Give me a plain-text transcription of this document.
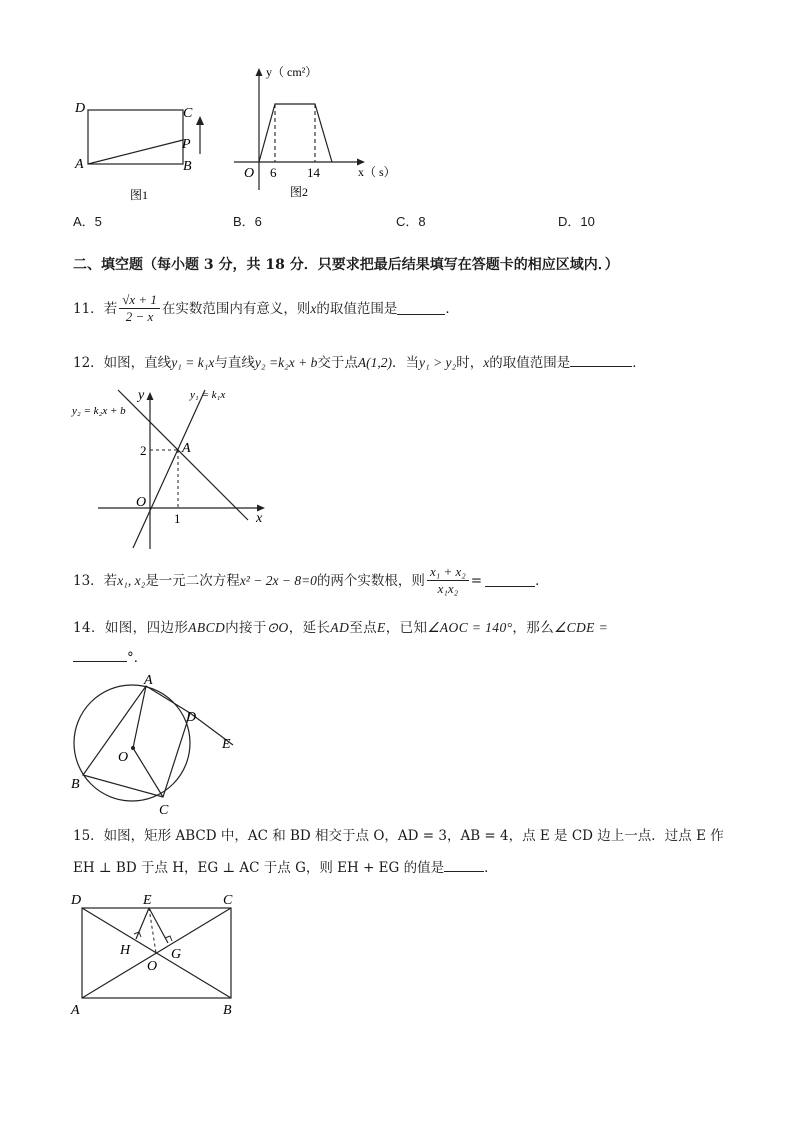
D	C
A	B
P
图1
y（ cm²）
x（ s）
O 6 14
图2
A．5	B．6	C．8	D．10
二、填空题（每小题 3 分，共 18 分．只要求把最后结果填写在答题卡的相应区域内．）
11． 若 $\frac{√x + 1}{2 - x}$ 在实数范围内有意义，则 x 的取值范围是	．
12．如图，直线y₁ = k₁x与直线y₂ =k₂x + b交于点A(1,2)．当y₁ > y₂时，x的取值范围是	．
y₂ = k₂x + b
y₁ = k₁x
y
x
O
A
2
1
13．若 x₁, x₂ 是一元二次方程 x² − 2x − 8=0 的两个实数根，则 $\frac{\text{x₁ + x₂}}{\text{x₁x₂}}$ =	．
14．如图，四边形ABCD内接于⊙O，延长AD至点E，已知∠AOC = 140°，那么∠CDE =
°．
A
D
E
O
B
C
15．如图，矩形 ABCD 中，AC 和 BD 相交于点 O，AD = 3，AB = 4，点 E 是 CD 边上一点．过点 E 作
EH ⊥ BD 于点 H，EG ⊥ AC 于点 G，则 EH + EG 的值是	．
D	E	C
H	G
O
A	B
